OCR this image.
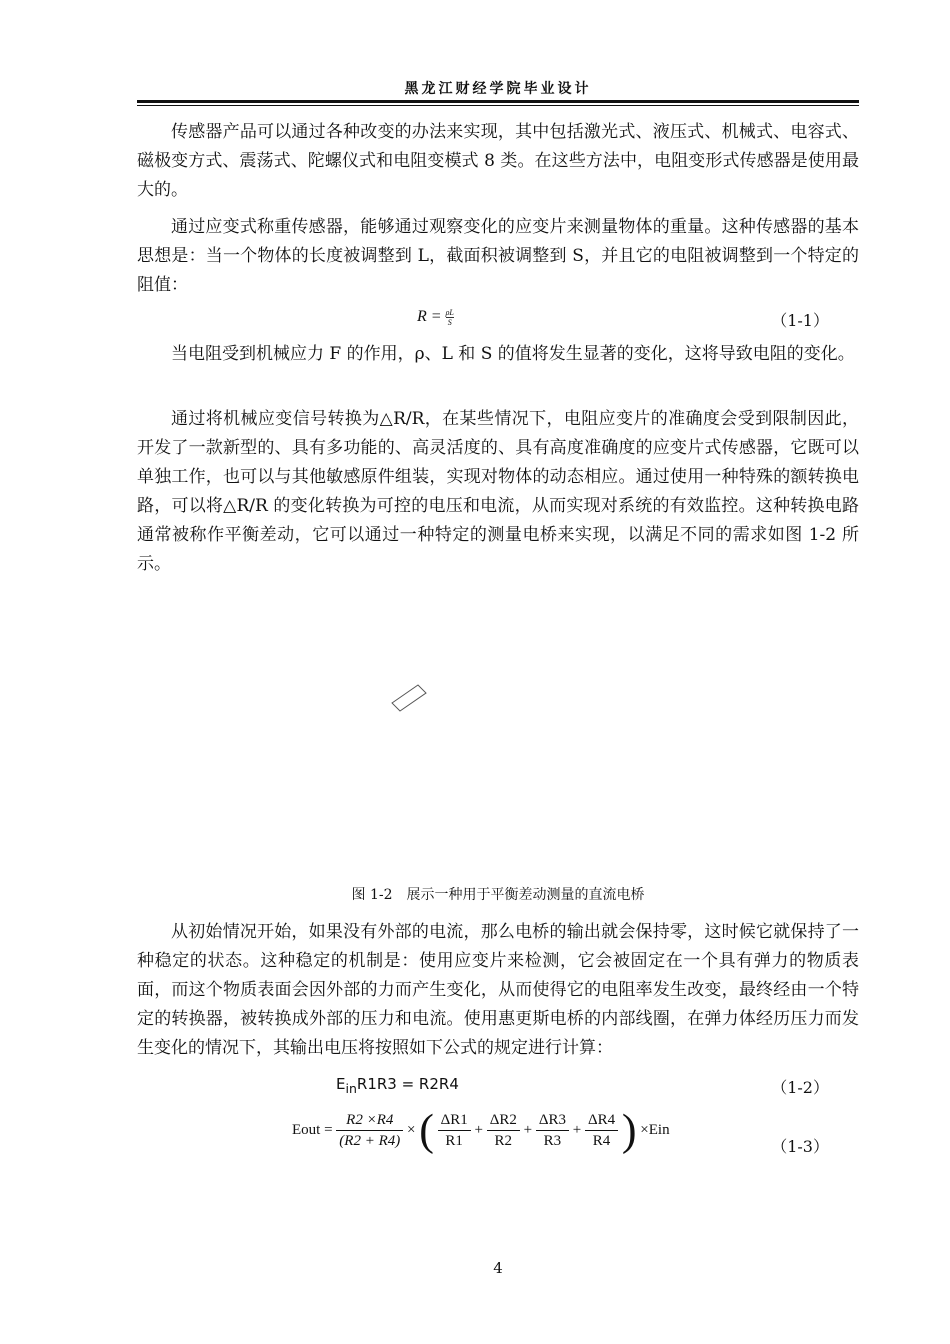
黑龙江财经学院毕业设计

传感器产品可以通过各种改变的办法来实现，其中包括激光式、液压式、机械式、电容式、磁极变方式、震荡式、陀螺仪式和电阻变模式 8 类。在这些方法中，电阻变形式传感器是使用最大的。

通过应变式称重传感器，能够通过观察变化的应变片来测量物体的重量。这种传感器的基本思想是：当一个物体的长度被调整到 L，截面积被调整到 S，并且它的电阻被调整到一个特定的阻值：

$R = \frac{\rho L}{S}$	（1-1）

当电阻受到机械应力 F 的作用，ρ、L 和 S 的值将发生显著的变化，这将导致电阻的变化。

通过将机械应变信号转换为△R/R，在某些情况下，电阻应变片的准确度会受到限制因此，开发了一款新型的、具有多功能的、高灵活度的、具有高度准确度的应变片式传感器，它既可以单独工作，也可以与其他敏感原件组装，实现对物体的动态相应。通过使用一种特殊的额转换电路，可以将△R/R 的变化转换为可控的电压和电流，从而实现对系统的有效监控。这种转换电路通常被称作平衡差动，它可以通过一种特定的测量电桥来实现，以满足不同的需求如图 1-2 所示。

图 1-2　展示一种用于平衡差动测量的直流电桥

从初始情况开始，如果没有外部的电流，那么电桥的输出就会保持零，这时候它就保持了一种稳定的状态。这种稳定的机制是：使用应变片来检测，它会被固定在一个具有弹力的物质表面，而这个物质表面会因外部的力而产生变化，从而使得它的电阻率发生改变，最终经由一个特定的转换器，被转换成外部的压力和电流。使用惠更斯电桥的内部线圈，在弹力体经历压力而发生变化的情况下，其输出电压将按照如下公式的规定进行计算：

$E_{in}R1R3 = R2R4$	（1-2）
Eout = $\frac{R2 \times R4}{(R2 + R4)}$ × ( $\frac{\Delta R1}{R1} + \frac{\Delta R2}{R2} + \frac{\Delta R3}{R3} + \frac{\Delta R4}{R4}$ ) ×Ein
（1-3）
4
